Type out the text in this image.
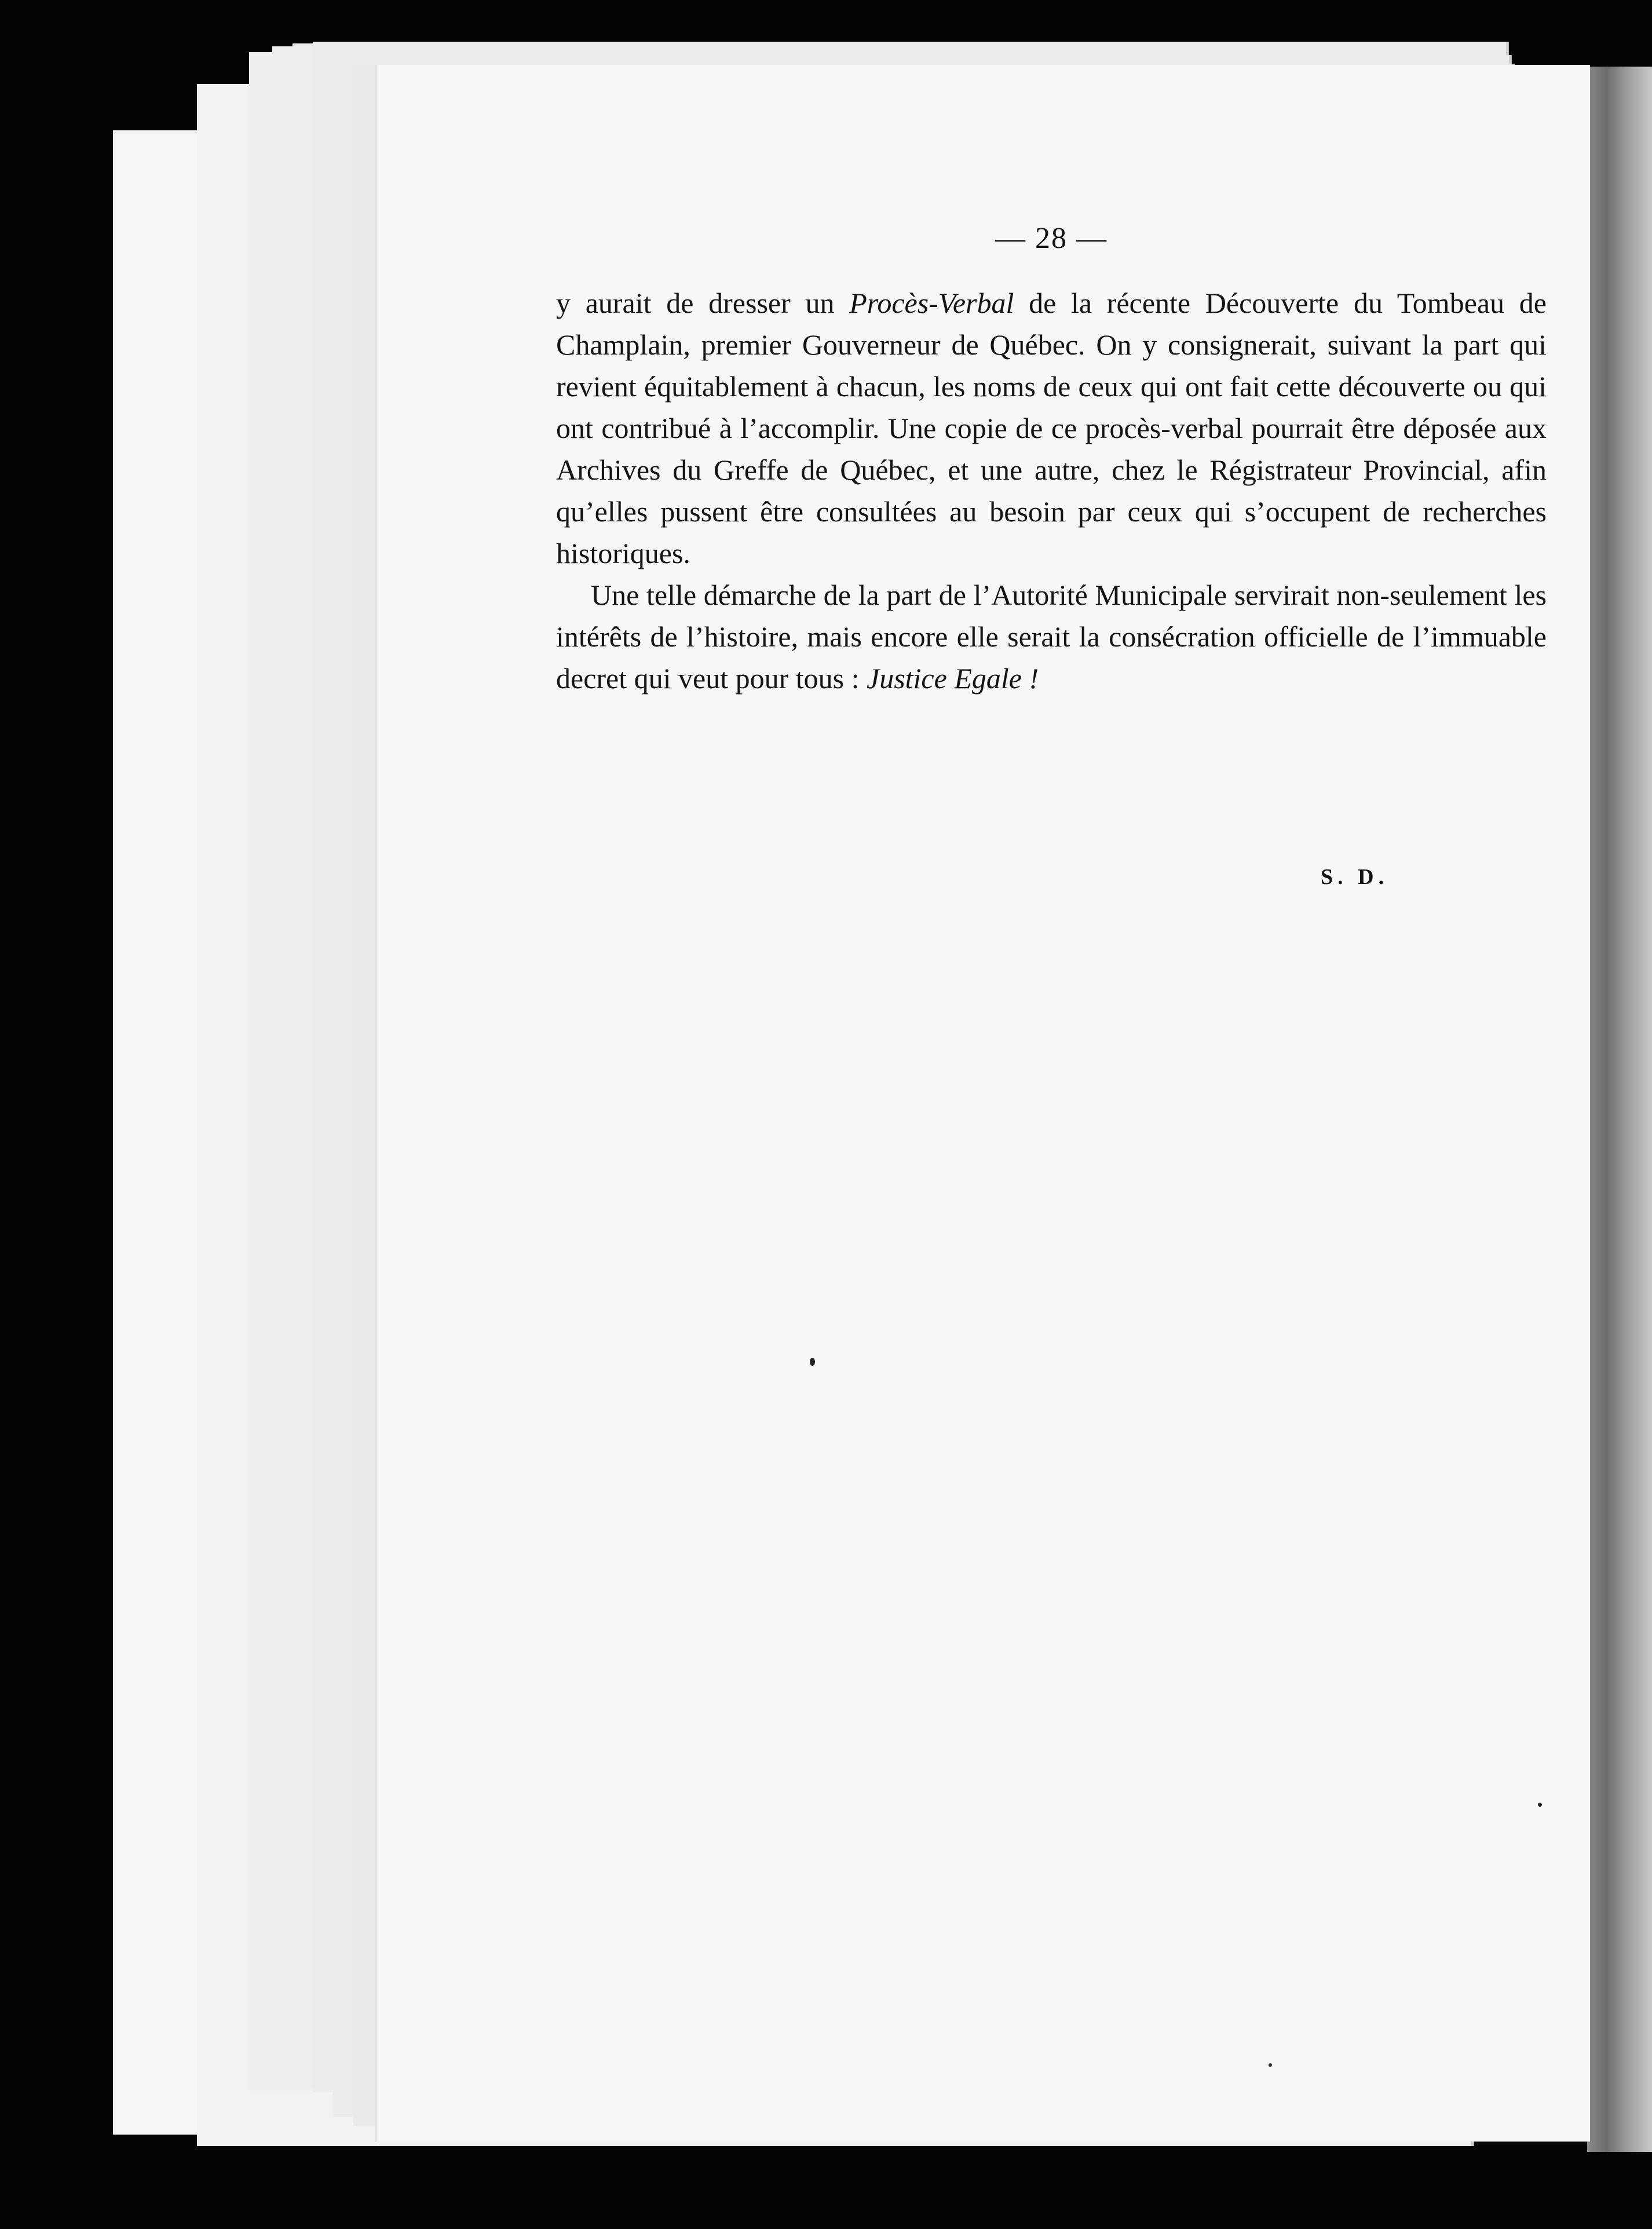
— 28 —

y aurait de dresser un Procès-Verbal de la récente Découverte du Tombeau de Champlain, premier Gouverneur de Québec. On y consignerait, suivant la part qui revient équitablement à chacun, les noms de ceux qui ont fait cette découverte ou qui ont contribué à l’accomplir. Une copie de ce procès-verbal pourrait être déposée aux Archives du Greffe de Québec, et une autre, chez le Régistrateur Provincial, afin qu’elles pussent être consultées au besoin par ceux qui s’occupent de recherches historiques.

Une telle démarche de la part de l’Autorité Municipale servirait non-seulement les intérêts de l’histoire, mais encore elle serait la consécration officielle de l’immuable decret qui veut pour tous : Justice Egale !

S. D.
